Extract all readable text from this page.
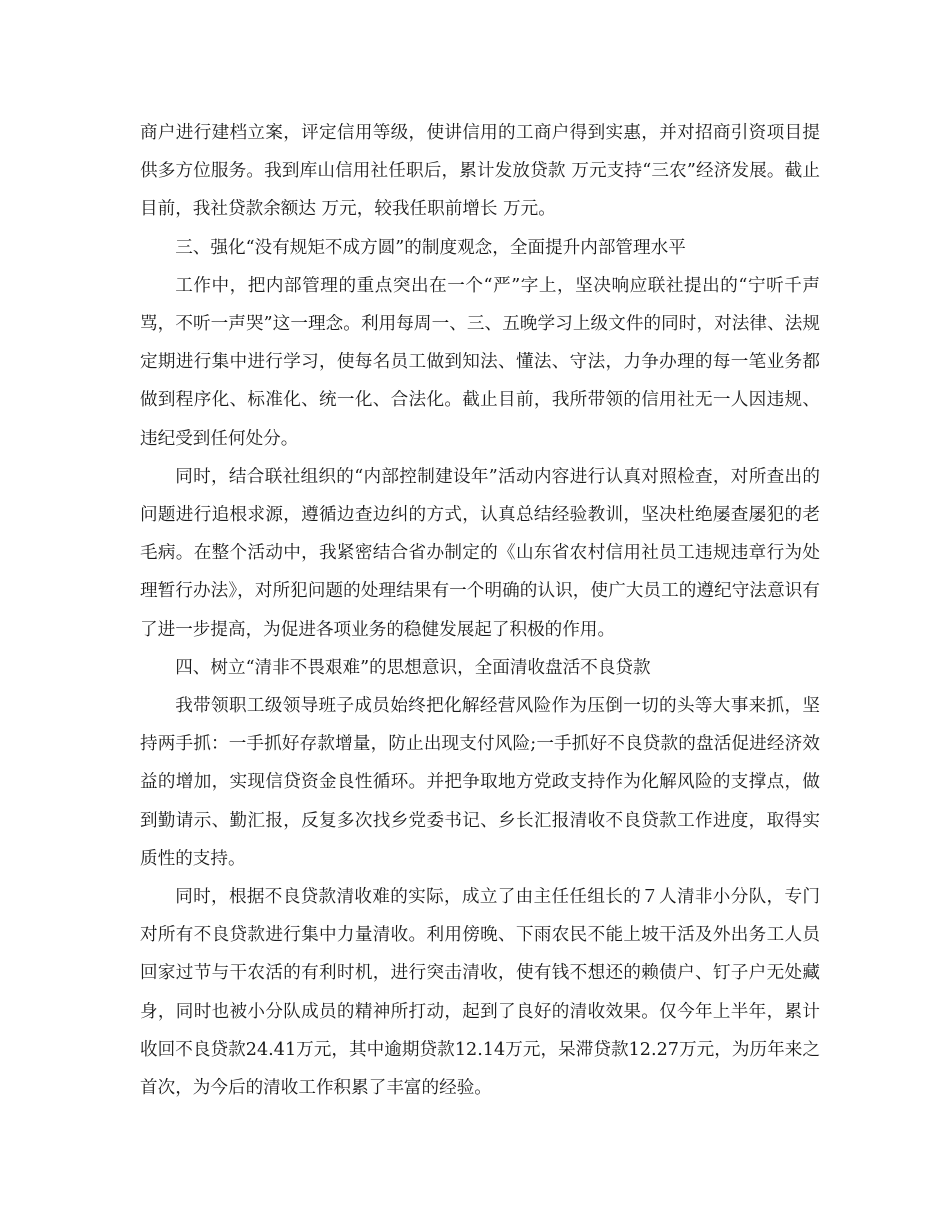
商户进行建档立案，评定信用等级，使讲信用的工商户得到实惠，并对招商引资项目提供多方位服务。我到库山信用社任职后，累计发放贷款 万元支持“三农”经济发展。截止目前，我社贷款余额达 万元，较我任职前增长 万元。

三、强化“没有规矩不成方圆”的制度观念，全面提升内部管理水平

工作中，把内部管理的重点突出在一个“严”字上，坚决响应联社提出的“宁听千声骂，不听一声哭”这一理念。利用每周一、三、五晚学习上级文件的同时，对法律、法规定期进行集中进行学习，使每名员工做到知法、懂法、守法，力争办理的每一笔业务都做到程序化、标准化、统一化、合法化。截止目前，我所带领的信用社无一人因违规、违纪受到任何处分。

同时，结合联社组织的“内部控制建设年”活动内容进行认真对照检查，对所查出的问题进行追根求源，遵循边查边纠的方式，认真总结经验教训，坚决杜绝屡查屡犯的老毛病。在整个活动中，我紧密结合省办制定的《山东省农村信用社员工违规违章行为处理暂行办法》，对所犯问题的处理结果有一个明确的认识，使广大员工的遵纪守法意识有了进一步提高，为促进各项业务的稳健发展起了积极的作用。

四、树立“清非不畏艰难”的思想意识，全面清收盘活不良贷款

我带领职工级领导班子成员始终把化解经营风险作为压倒一切的头等大事来抓，坚持两手抓：一手抓好存款增量，防止出现支付风险;一手抓好不良贷款的盘活促进经济效益的增加，实现信贷资金良性循环。并把争取地方党政支持作为化解风险的支撑点，做到勤请示、勤汇报，反复多次找乡党委书记、乡长汇报清收不良贷款工作进度，取得实质性的支持。

同时，根据不良贷款清收难的实际，成立了由主任任组长的７人清非小分队，专门对所有不良贷款进行集中力量清收。利用傍晚、下雨农民不能上坡干活及外出务工人员回家过节与干农活的有利时机，进行突击清收，使有钱不想还的赖债户、钉子户无处藏身，同时也被小分队成员的精神所打动，起到了良好的清收效果。仅今年上半年，累计收回不良贷款24.41万元，其中逾期贷款12.14万元，呆滞贷款12.27万元，为历年来之首次，为今后的清收工作积累了丰富的经验。
